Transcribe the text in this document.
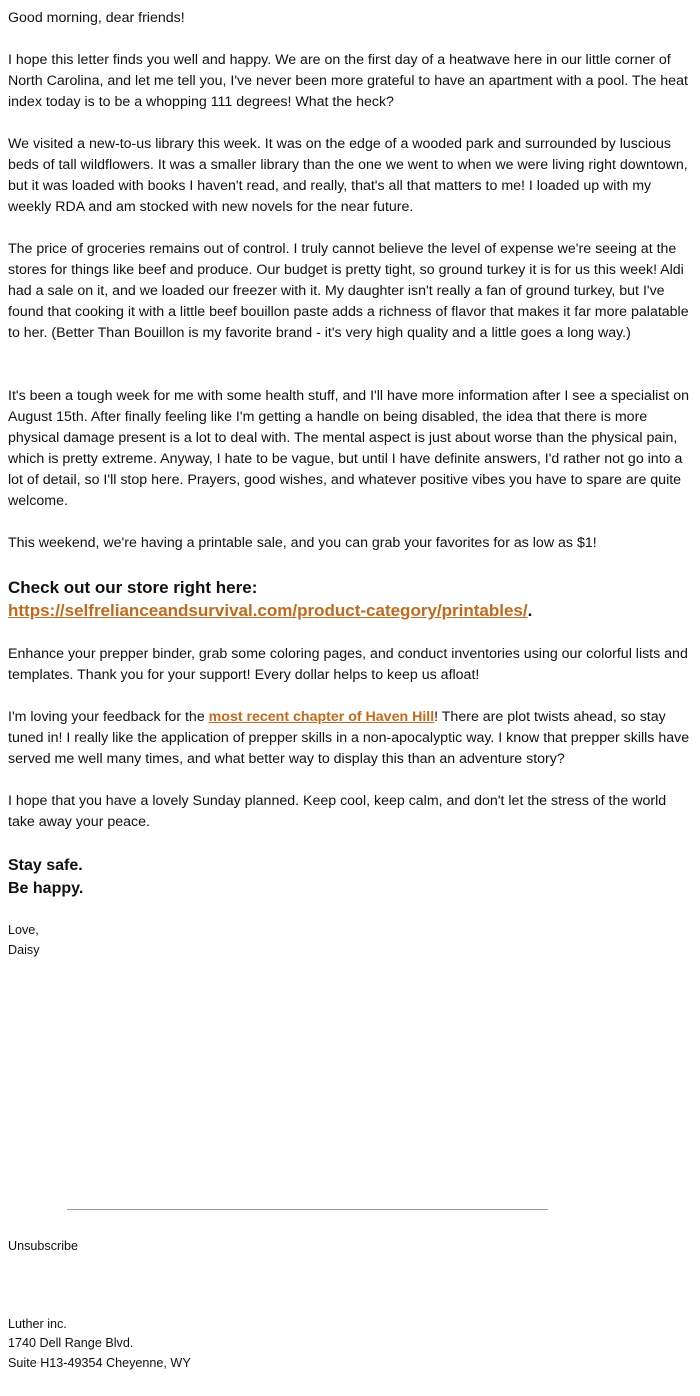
Good morning, dear friends!

I hope this letter finds you well and happy. We are on the first day of a heatwave here in our little corner of North Carolina, and let me tell you, I've never been more grateful to have an apartment with a pool. The heat index today is to be a whopping 111 degrees! What the heck?

We visited a new-to-us library this week. It was on the edge of a wooded park and surrounded by luscious beds of tall wildflowers. It was a smaller library than the one we went to when we were living right downtown, but it was loaded with books I haven't read, and really, that's all that matters to me! I loaded up with my weekly RDA and am stocked with new novels for the near future.

The price of groceries remains out of control. I truly cannot believe the level of expense we're seeing at the stores for things like beef and produce. Our budget is pretty tight, so ground turkey it is for us this week! Aldi had a sale on it, and we loaded our freezer with it. My daughter isn't really a fan of ground turkey, but I've found that cooking it with a little beef bouillon paste adds a richness of flavor that makes it far more palatable to her. (Better Than Bouillon is my favorite brand - it's very high quality and a little goes a long way.)

It's been a tough week for me with some health stuff, and I'll have more information after I see a specialist on August 15th. After finally feeling like I'm getting a handle on being disabled, the idea that there is more physical damage present is a lot to deal with. The mental aspect is just about worse than the physical pain, which is pretty extreme. Anyway, I hate to be vague, but until I have definite answers, I'd rather not go into a lot of detail, so I'll stop here. Prayers, good wishes, and whatever positive vibes you have to spare are quite welcome.

This weekend, we're having a printable sale, and you can grab your favorites for as low as $1!

Check out our store right here:
https://selfrelianceandsurvival.com/product-category/printables/.

Enhance your prepper binder, grab some coloring pages, and conduct inventories using our colorful lists and templates. Thank you for your support! Every dollar helps to keep us afloat!

I'm loving your feedback for the most recent chapter of Haven Hill! There are plot twists ahead, so stay tuned in! I really like the application of prepper skills in a non-apocalyptic way. I know that prepper skills have served me well many times, and what better way to display this than an adventure story?

I hope that you have a lovely Sunday planned. Keep cool, keep calm, and don't let the stress of the world take away your peace.

Stay safe.

Be happy.

Love,

Daisy

Unsubscribe

Luther inc.

1740 Dell Range Blvd.

Suite H13-49354 Cheyenne, WY
